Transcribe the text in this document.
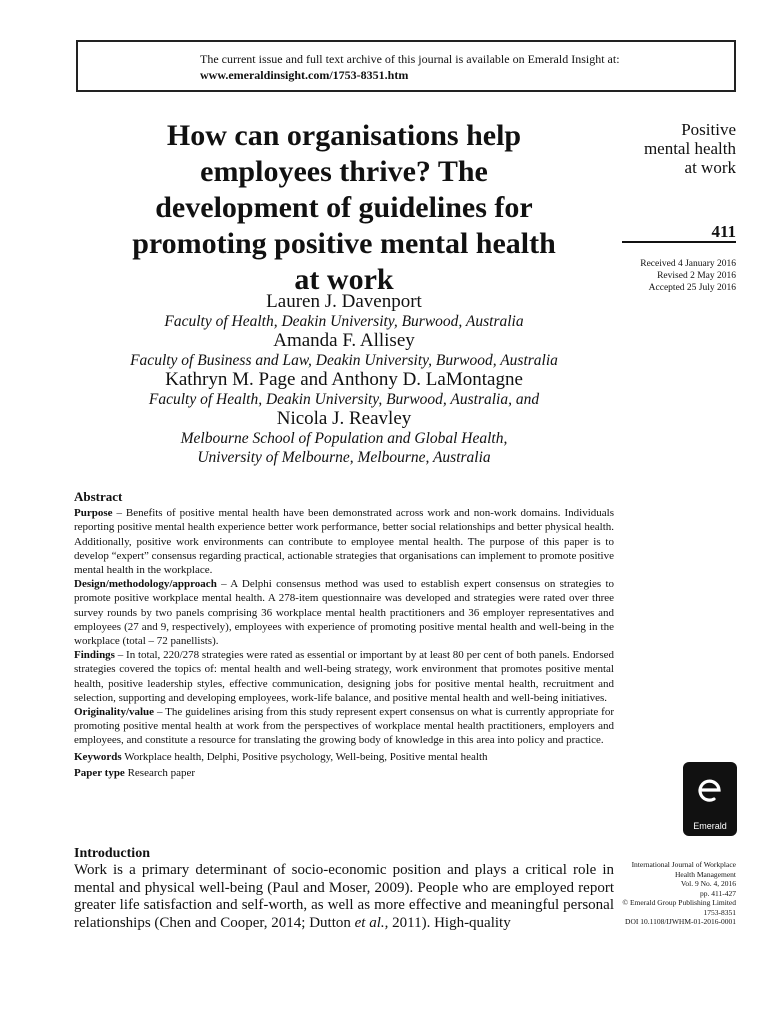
The current issue and full text archive of this journal is available on Emerald Insight at:
www.emeraldinsight.com/1753-8351.htm
How can organisations help
employees thrive? The
development of guidelines for
promoting positive mental health
at work
Positive
mental health
at work
411
Received 4 January 2016
Revised 2 May 2016
Accepted 25 July 2016
Lauren J. Davenport
Faculty of Health, Deakin University, Burwood, Australia
Amanda F. Allisey
Faculty of Business and Law, Deakin University, Burwood, Australia
Kathryn M. Page and Anthony D. LaMontagne
Faculty of Health, Deakin University, Burwood, Australia, and
Nicola J. Reavley
Melbourne School of Population and Global Health,
University of Melbourne, Melbourne, Australia
Abstract

Purpose – Benefits of positive mental health have been demonstrated across work and non-work domains. Individuals reporting positive mental health experience better work performance, better social relationships and better physical health. Additionally, positive work environments can contribute to employee mental health. The purpose of this paper is to develop “expert” consensus regarding practical, actionable strategies that organisations can implement to promote positive mental health in the workplace.

Design/methodology/approach – A Delphi consensus method was used to establish expert consensus on strategies to promote positive workplace mental health. A 278-item questionnaire was developed and strategies were rated over three survey rounds by two panels comprising 36 workplace mental health practitioners and 36 employer representatives and employees (27 and 9, respectively), employees with experience of promoting positive mental health and well-being in the workplace (total – 72 panellists).

Findings – In total, 220/278 strategies were rated as essential or important by at least 80 per cent of both panels. Endorsed strategies covered the topics of: mental health and well-being strategy, work environment that promotes positive mental health, positive leadership styles, effective communication, designing jobs for positive mental health, recruitment and selection, supporting and developing employees, work-life balance, and positive mental health and well-being initiatives.

Originality/value – The guidelines arising from this study represent expert consensus on what is currently appropriate for promoting positive mental health at work from the perspectives of workplace mental health practitioners, employers and employees, and constitute a resource for translating the growing body of knowledge in this area into policy and practice.

Keywords Workplace health, Delphi, Positive psychology, Well-being, Positive mental health

Paper type Research paper

Emerald
Introduction

Work is a primary determinant of socio-economic position and plays a critical role in mental and physical well-being (Paul and Moser, 2009). People who are employed report greater life satisfaction and self-worth, as well as more effective and meaningful personal relationships (Chen and Cooper, 2014; Dutton et al., 2011). High-quality

International Journal of Workplace
Health Management
Vol. 9 No. 4, 2016
pp. 411-427
© Emerald Group Publishing Limited
1753-8351
DOI 10.1108/IJWHM-01-2016-0001
